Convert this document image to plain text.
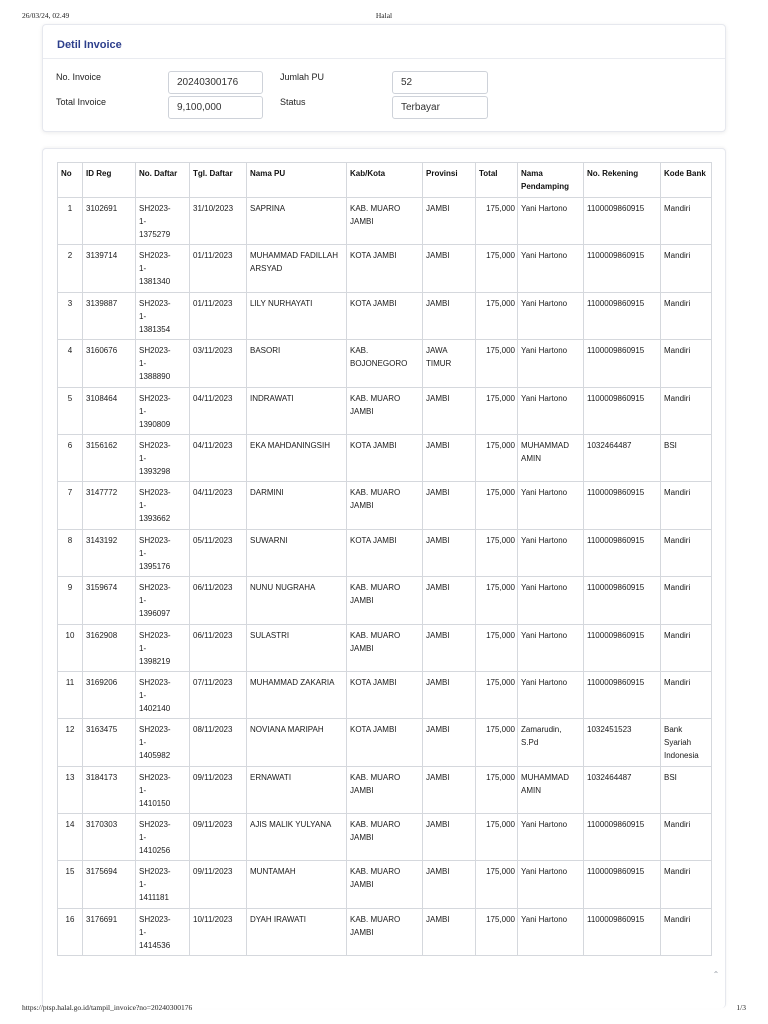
26/03/24, 02.49	Halal
Detil Invoice
No. Invoice	20240300176
Total Invoice	9,100,000
Jumlah PU	52
Status	Terbayar
No	ID Reg	No. Daftar	Tgl. Daftar	Nama PU	Kab/Kota	Provinsi	Total	Nama Pendamping	No. Rekening	Kode Bank
1	3102691	SH2023-
1-
1375279	31/10/2023	SAPRINA	KAB. MUARO JAMBI	JAMBI	175,000	Yani Hartono	1100009860915	Mandiri
2	3139714	SH2023-
1-
1381340	01/11/2023	MUHAMMAD FADILLAH ARSYAD	KOTA JAMBI	JAMBI	175,000	Yani Hartono	1100009860915	Mandiri
3	3139887	SH2023-
1-
1381354	01/11/2023	LILY NURHAYATI	KOTA JAMBI	JAMBI	175,000	Yani Hartono	1100009860915	Mandiri
4	3160676	SH2023-
1-
1388890	03/11/2023	BASORI	KAB. BOJONEGORO	JAWA TIMUR	175,000	Yani Hartono	1100009860915	Mandiri
5	3108464	SH2023-
1-
1390809	04/11/2023	INDRAWATI	KAB. MUARO JAMBI	JAMBI	175,000	Yani Hartono	1100009860915	Mandiri
6	3156162	SH2023-
1-
1393298	04/11/2023	EKA MAHDANINGSIH	KOTA JAMBI	JAMBI	175,000	MUHAMMAD AMIN	1032464487	BSI
7	3147772	SH2023-
1-
1393662	04/11/2023	DARMINI	KAB. MUARO JAMBI	JAMBI	175,000	Yani Hartono	1100009860915	Mandiri
8	3143192	SH2023-
1-
1395176	05/11/2023	SUWARNI	KOTA JAMBI	JAMBI	175,000	Yani Hartono	1100009860915	Mandiri
9	3159674	SH2023-
1-
1396097	06/11/2023	NUNU NUGRAHA	KAB. MUARO JAMBI	JAMBI	175,000	Yani Hartono	1100009860915	Mandiri
10	3162908	SH2023-
1-
1398219	06/11/2023	SULASTRI	KAB. MUARO JAMBI	JAMBI	175,000	Yani Hartono	1100009860915	Mandiri
11	3169206	SH2023-
1-
1402140	07/11/2023	MUHAMMAD ZAKARIA	KOTA JAMBI	JAMBI	175,000	Yani Hartono	1100009860915	Mandiri
12	3163475	SH2023-
1-
1405982	08/11/2023	NOVIANA MARIPAH	KOTA JAMBI	JAMBI	175,000	Zamarudin, S.Pd	1032451523	Bank Syariah Indonesia
13	3184173	SH2023-
1-
1410150	09/11/2023	ERNAWATI	KAB. MUARO JAMBI	JAMBI	175,000	MUHAMMAD AMIN	1032464487	BSI
14	3170303	SH2023-
1-
1410256	09/11/2023	AJIS MALIK YULYANA	KAB. MUARO JAMBI	JAMBI	175,000	Yani Hartono	1100009860915	Mandiri
15	3175694	SH2023-
1-
1411181	09/11/2023	MUNTAMAH	KAB. MUARO JAMBI	JAMBI	175,000	Yani Hartono	1100009860915	Mandiri
16	3176691	SH2023-
1-
1414536	10/11/2023	DYAH IRAWATI	KAB. MUARO JAMBI	JAMBI	175,000	Yani Hartono	1100009860915	Mandiri
⌃
https://ptsp.halal.go.id/tampil_invoice?no=20240300176	1/3
